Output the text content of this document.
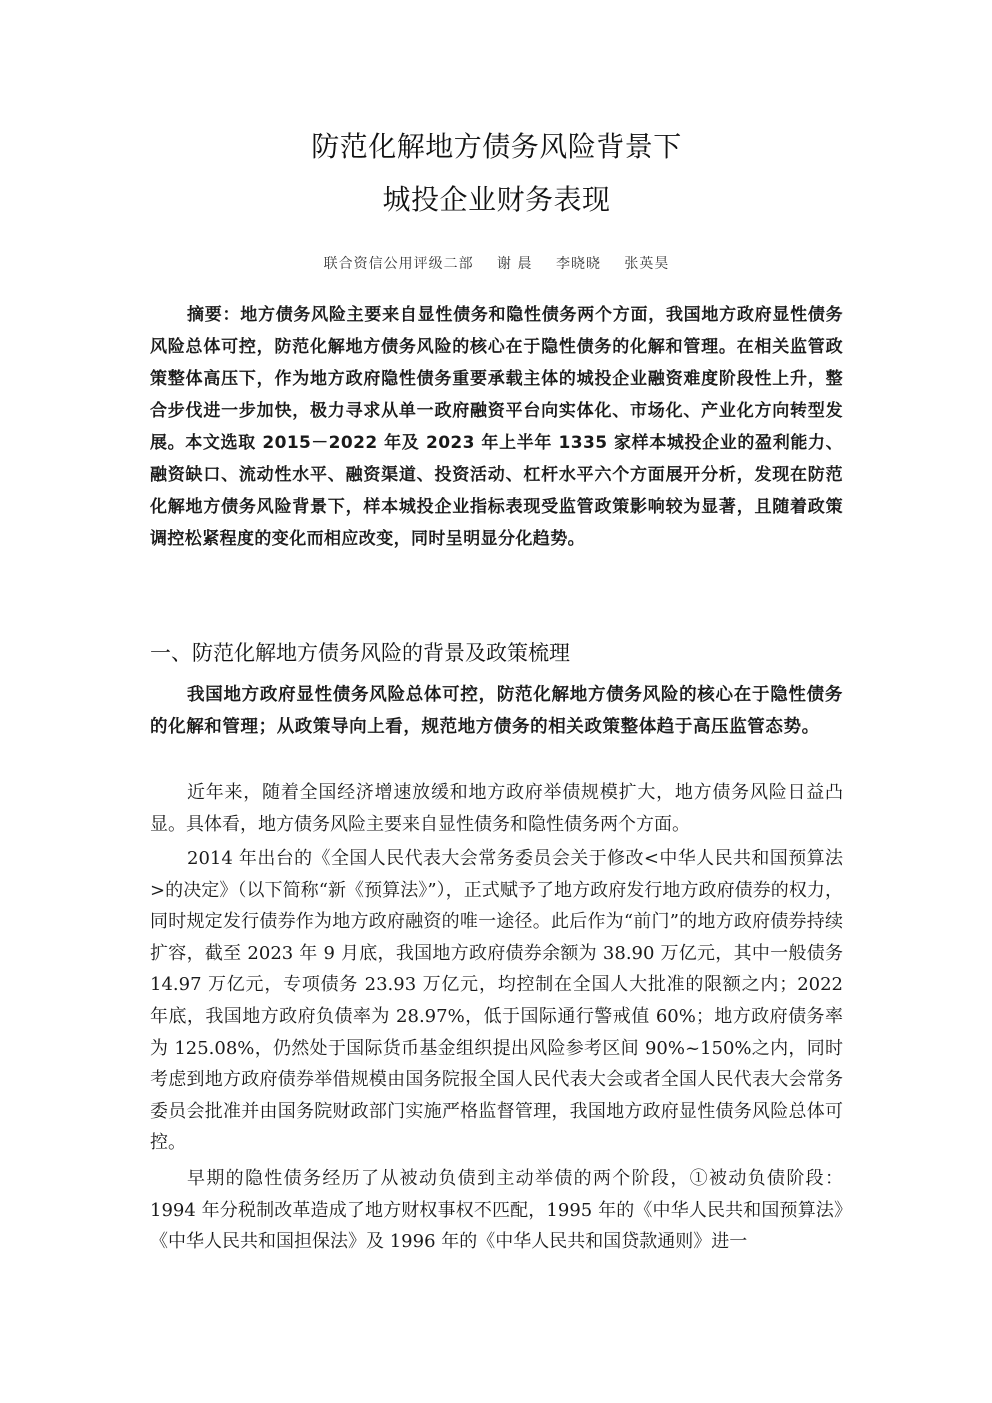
防范化解地方债务风险背景下
城投企业财务表现
联合资信公用评级二部 谢 晨 李晓晓 张英昊

摘要：地方债务风险主要来自显性债务和隐性债务两个方面，我国地方政府显性债务风险总体可控，防范化解地方债务风险的核心在于隐性债务的化解和管理。在相关监管政策整体高压下，作为地方政府隐性债务重要承载主体的城投企业融资难度阶段性上升，整合步伐进一步加快，极力寻求从单一政府融资平台向实体化、市场化、产业化方向转型发展。本文选取 2015－2022 年及 2023 年上半年 1335 家样本城投企业的盈利能力、融资缺口、流动性水平、融资渠道、投资活动、杠杆水平六个方面展开分析，发现在防范化解地方债务风险背景下，样本城投企业指标表现受监管政策影响较为显著，且随着政策调控松紧程度的变化而相应改变，同时呈明显分化趋势。

一、防范化解地方债务风险的背景及政策梳理

我国地方政府显性债务风险总体可控，防范化解地方债务风险的核心在于隐性债务的化解和管理；从政策导向上看，规范地方债务的相关政策整体趋于高压监管态势。

近年来，随着全国经济增速放缓和地方政府举债规模扩大，地方债务风险日益凸显。具体看，地方债务风险主要来自显性债务和隐性债务两个方面。

2014 年出台的《全国人民代表大会常务委员会关于修改<中华人民共和国预算法>的决定》（以下简称“新《预算法》”），正式赋予了地方政府发行地方政府债券的权力，同时规定发行债券作为地方政府融资的唯一途径。此后作为“前门”的地方政府债券持续扩容，截至 2023 年 9 月底，我国地方政府债券余额为 38.90 万亿元，其中一般债务 14.97 万亿元，专项债务 23.93 万亿元，均控制在全国人大批准的限额之内；2022 年底，我国地方政府负债率为 28.97%，低于国际通行警戒值 60%；地方政府债务率为 125.08%，仍然处于国际货币基金组织提出风险参考区间 90%~150%之内，同时考虑到地方政府债券举借规模由国务院报全国人民代表大会或者全国人民代表大会常务委员会批准并由国务院财政部门实施严格监督管理，我国地方政府显性债务风险总体可控。

早期的隐性债务经历了从被动负债到主动举债的两个阶段，①被动负债阶段：1994 年分税制改革造成了地方财权事权不匹配，1995 年的《中华人民共和国预算法》《中华人民共和国担保法》及 1996 年的《中华人民共和国贷款通则》进一
